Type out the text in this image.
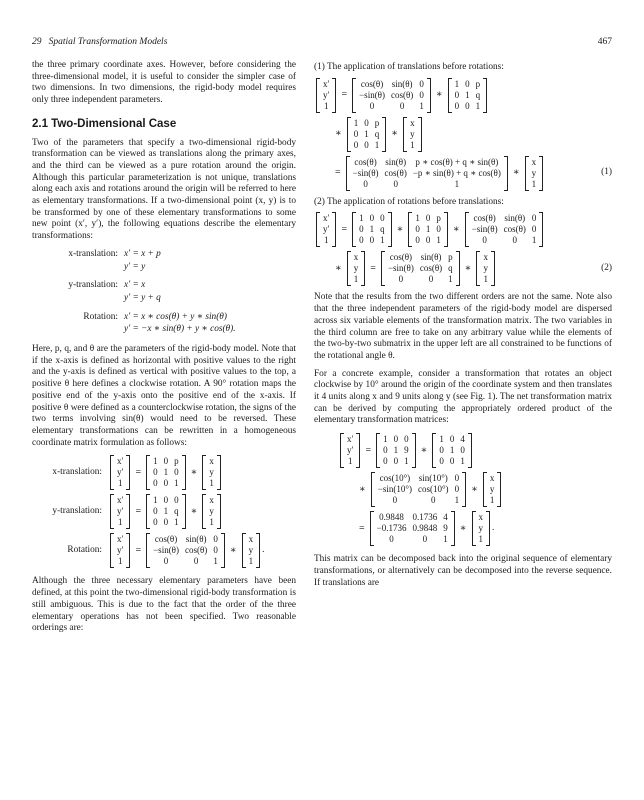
29 Spatial Transformation Models	467

the three primary coordinate axes. However, before considering the three-dimensional model, it is useful to consider the simpler case of two dimensions. In two dimensions, the rigid-body model requires only three independent parameters.

2.1 Two-Dimensional Case

Two of the parameters that specify a two-dimensional rigid-body transformation can be viewed as translations along the primary axes, and the third can be viewed as a pure rotation around the origin. Although this particular parameterization is not unique, translations along each axis and rotations around the origin will be referred to here as elementary transformations. If a two-dimensional point (x, y) is to be transformed by one of these elementary transformations to some new point (x′, y′), the following equations describe the elementary transformations:

x-translation: x′ = x + p
y′ = y
y-translation: x′ = x
y′ = y + q
Rotation: x′ = x ∗ cos(θ) + y ∗ sin(θ)
y′ = −x ∗ sin(θ) + y ∗ cos(θ).

Here, p, q, and θ are the parameters of the rigid-body model. Note that if the x-axis is defined as horizontal with positive values to the right and the y-axis is defined as vertical with positive values to the top, a positive θ here defines a clockwise rotation. A 90° rotation maps the positive end of the y-axis onto the positive end of the x-axis. If positive θ were defined as a counterclockwise rotation, the signs of the two terms involving sin(θ) would need to be reversed. These elementary transformations can be rewritten in a homogeneous coordinate matrix formulation as follows:

x-translation:
x′
y′
1
=
1 0 p
0 1 0
0 0 1
∗
x
y
1
y-translation:
x′
y′
1
=
1 0 0
0 1 q
0 0 1
∗
x
y
1
Rotation:
x′
y′
1
=
cos(θ) sin(θ) 0
−sin(θ) cos(θ) 0
0	0	1
∗
x
y
1
.

Although the three necessary elementary parameters have been defined, at this point the two-dimensional rigid-body transformation is still ambiguous. This is due to the fact that the order of the three elementary operations has not been specified. Two reasonable orderings are:

(1) The application of translations before rotations:
x′
y′
1
=
cos(θ) sin(θ) 0
−sin(θ) cos(θ) 0
0	0	1
∗
1 0 p
0 1 q
0 0 1
∗
1 0 p
0 1 q
0 0 1
∗
x
y
1
=
cos(θ) sin(θ) p ∗ cos(θ) + q ∗ sin(θ)
−sin(θ) cos(θ) −p ∗ sin(θ) + q ∗ cos(θ)
0	0	1
∗
x
y
1
(1)
(2) The application of rotations before translations:
x′
y′
1
=
1 0 0
0 1 q
0 0 1
∗
1 0 p
0 1 0
0 0 1
∗
cos(θ) sin(θ) 0
−sin(θ) cos(θ) 0
0	0	1
∗
x
y
1
=
cos(θ) sin(θ) p
−sin(θ) cos(θ) q
0	0	1
∗
x
y
1
(2)

Note that the results from the two different orders are not the same. Note also that the three independent parameters of the rigid-body model are dispersed across six variable elements of the transformation matrix. The two variables in the third column are free to take on any arbitrary value while the elements of the two-by-two submatrix in the upper left are all constrained to be functions of the rotational angle θ.

For a concrete example, consider a transformation that rotates an object clockwise by 10° around the origin of the coordinate system and then translates it 4 units along x and 9 units along y (see Fig. 1). The net transformation matrix can be derived by computing the appropriately ordered product of the elementary transformation matrices:

x′
y′
1
=
1 0 0
0 1 9
0 0 1
∗
1 0 4
0 1 0
0 0 1
∗
cos(10°) sin(10°) 0
−sin(10°) cos(10°) 0
0	0	1
∗
x
y
1
=
0.9848 0.1736 4
−0.1736 0.9848 9
0	0	1
∗
x
y
1
.

This matrix can be decomposed back into the original sequence of elementary transformations, or alternatively can be decomposed into the reverse sequence. If translations are
